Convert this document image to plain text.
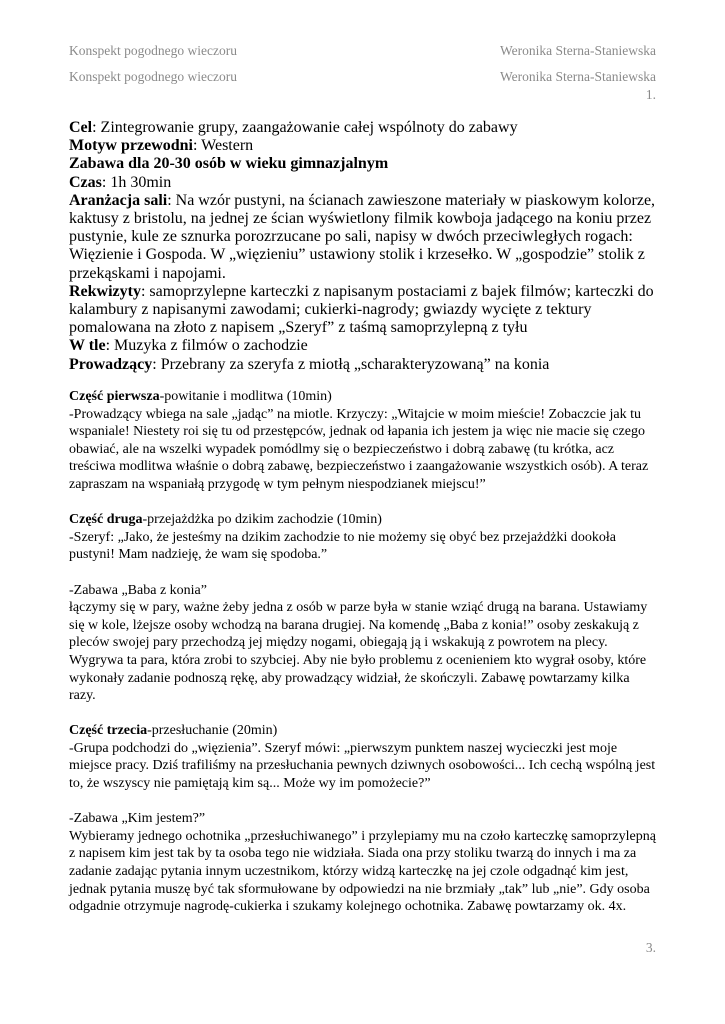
Konspekt pogodnego wieczoru	Weronika Sterna-Staniewska
Konspekt pogodnego wieczoru	Weronika Sterna-Staniewska
1.

Cel: Zintegrowanie grupy, zaangażowanie całej wspólnoty do zabawy

Motyw przewodni: Western

Zabawa dla 20-30 osób w wieku gimnazjalnym

Czas: 1h 30min

Aranżacja sali: Na wzór pustyni, na ścianach zawieszone materiały w piaskowym kolorze, kaktusy z bristolu, na jednej ze ścian wyświetlony filmik kowboja jadącego na koniu przez pustynie, kule ze sznurka porozrzucane po sali, napisy w dwóch przeciwległych rogach: Więzienie i Gospoda. W „więzieniu” ustawiony stolik i krzesełko. W „gospodzie” stolik z przekąskami i napojami.

Rekwizyty: samoprzylepne karteczki z napisanym postaciami z bajek filmów; karteczki do kalambury z napisanymi zawodami; cukierki-nagrody; gwiazdy wycięte z tektury pomalowana na złoto z napisem „Szeryf” z taśmą samoprzylepną z tyłu

W tle: Muzyka z filmów o zachodzie

Prowadzący: Przebrany za szeryfa z miotłą „scharakteryzowaną” na konia

Część pierwsza-powitanie i modlitwa (10min)

-Prowadzący wbiega na sale „jadąc” na miotle. Krzyczy: „Witajcie w moim mieście! Zobaczcie jak tu wspaniale! Niestety roi się tu od przestępców, jednak od łapania ich jestem ja więc nie macie się czego obawiać, ale na wszelki wypadek pomódlmy się o bezpieczeństwo i dobrą zabawę (tu krótka, acz treściwa modlitwa właśnie o dobrą zabawę, bezpieczeństwo i zaangażowanie wszystkich osób). A teraz zapraszam na wspaniałą przygodę w tym pełnym niespodzianek miejscu!”

Część druga-przejażdżka po dzikim zachodzie (10min)

-Szeryf: „Jako, że jesteśmy na dzikim zachodzie to nie możemy się obyć bez przejażdżki dookoła pustyni! Mam nadzieję, że wam się spodoba.”

-Zabawa „Baba z konia”

łączymy się w pary, ważne żeby jedna z osób w parze była w stanie wziąć drugą na barana. Ustawiamy się w kole, lżejsze osoby wchodzą na barana drugiej. Na komendę „Baba z konia!” osoby zeskakują z pleców swojej pary przechodzą jej między nogami, obiegają ją i wskakują z powrotem na plecy. Wygrywa ta para, która zrobi to szybciej. Aby nie było problemu z ocenieniem kto wygrał osoby, które wykonały zadanie podnoszą rękę, aby prowadzący widział, że skończyli. Zabawę powtarzamy kilka razy.

Część trzecia-przesłuchanie (20min)

-Grupa podchodzi do „więzienia”. Szeryf mówi: „pierwszym punktem naszej wycieczki jest moje miejsce pracy. Dziś trafiliśmy na przesłuchania pewnych dziwnych osobowości... Ich cechą wspólną jest to, że wszyscy nie pamiętają kim są... Może wy im pomożecie?”

-Zabawa „Kim jestem?”

Wybieramy jednego ochotnika „przesłuchiwanego” i przylepiamy mu na czoło karteczkę samoprzylepną z napisem kim jest tak by ta osoba tego nie widziała. Siada ona przy stoliku twarzą do innych i ma za zadanie zadając pytania innym uczestnikom, którzy widzą karteczkę na jej czole odgadnąć kim jest, jednak pytania muszę być tak sformułowane by odpowiedzi na nie brzmiały „tak” lub „nie”. Gdy osoba odgadnie otrzymuje nagrodę-cukierka i szukamy kolejnego ochotnika. Zabawę powtarzamy ok. 4x.

3.
